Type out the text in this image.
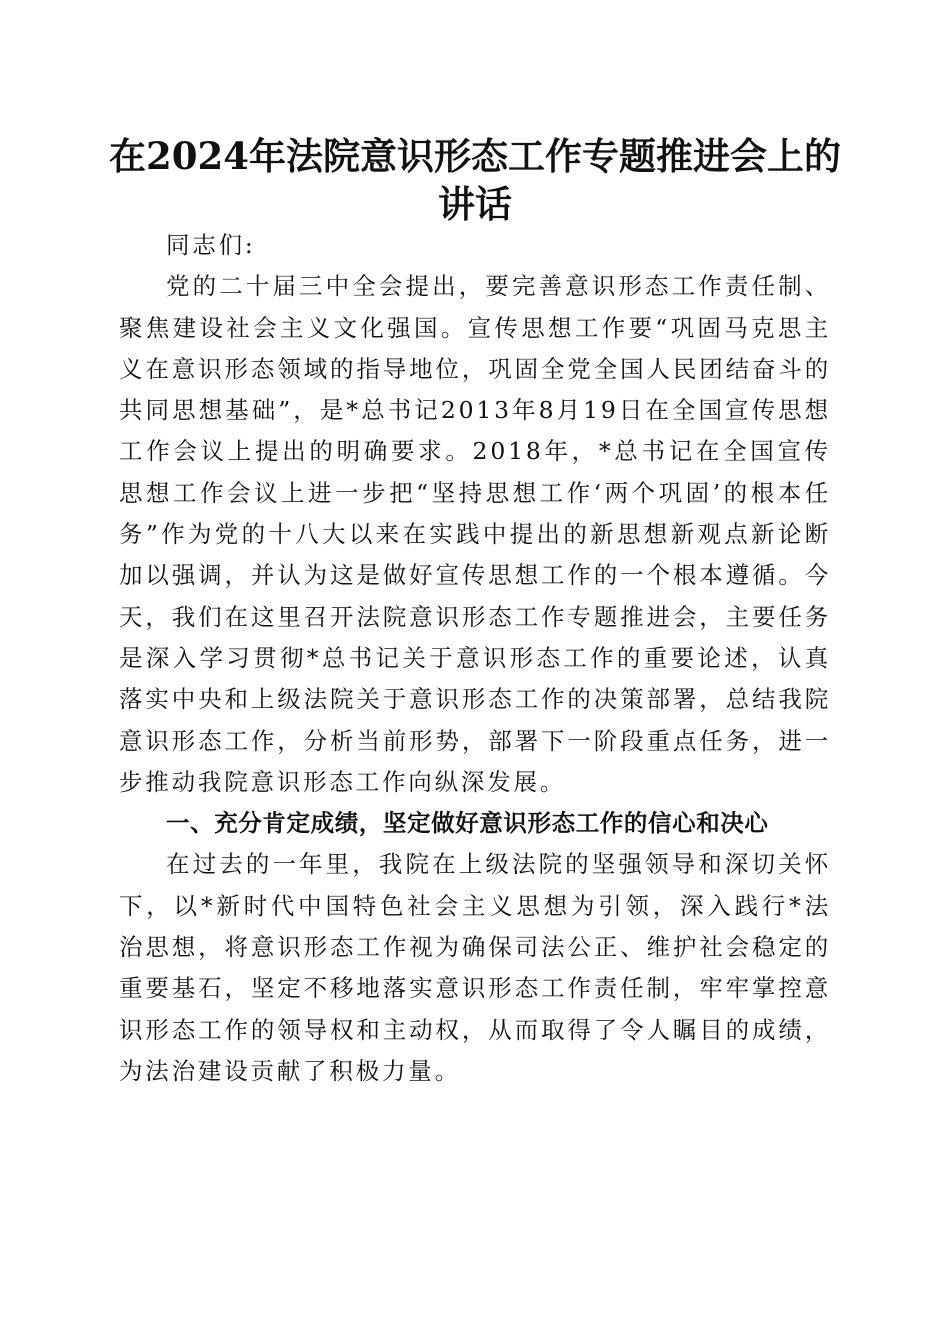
在2024年法院意识形态工作专题推进会上的
讲话

同志们:

党的二十届三中全会提出，要完善意识形态工作责任制、聚焦建设社会主义文化强国。宣传思想工作要“巩固马克思主义在意识形态领域的指导地位，巩固全党全国人民团结奋斗的共同思想基础”，是*总书记2013年8月19日在全国宣传思想工作会议上提出的明确要求。2018年，*总书记在全国宣传思想工作会议上进一步把“坚持思想工作‘两个巩固’的根本任务”作为党的十八大以来在实践中提出的新思想新观点新论断加以强调，并认为这是做好宣传思想工作的一个根本遵循。今天，我们在这里召开法院意识形态工作专题推进会，主要任务是深入学习贯彻*总书记关于意识形态工作的重要论述，认真落实中央和上级法院关于意识形态工作的决策部署，总结我院意识形态工作，分析当前形势，部署下一阶段重点任务，进一步推动我院意识形态工作向纵深发展。

一、充分肯定成绩，坚定做好意识形态工作的信心和决心

在过去的一年里，我院在上级法院的坚强领导和深切关怀下，以*新时代中国特色社会主义思想为引领，深入践行*法治思想，将意识形态工作视为确保司法公正、维护社会稳定的重要基石，坚定不移地落实意识形态工作责任制，牢牢掌控意识形态工作的领导权和主动权，从而取得了令人瞩目的成绩，为法治建设贡献了积极力量。
